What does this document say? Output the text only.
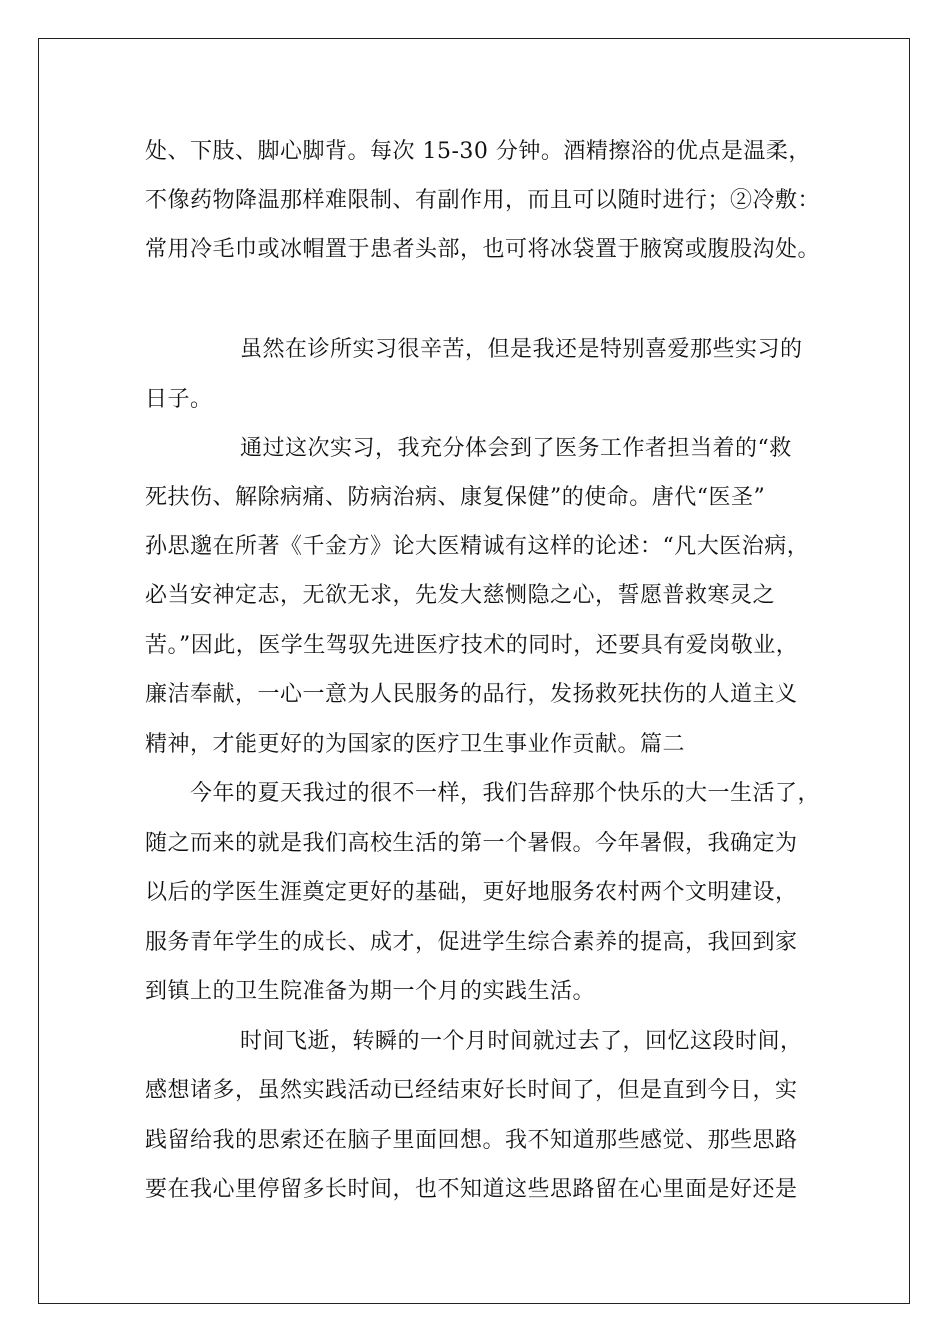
处、下肢、脚心脚背。每次 15-30 分钟。酒精擦浴的优点是温柔，
不像药物降温那样难限制、有副作用，而且可以随时进行；②冷敷：
常用冷毛巾或冰帽置于患者头部，也可将冰袋置于腋窝或腹股沟处。
虽然在诊所实习很辛苦，但是我还是特别喜爱那些实习的
日子。
通过这次实习，我充分体会到了医务工作者担当着的“救
死扶伤、解除病痛、防病治病、康复保健”的使命。唐代“医圣”
孙思邈在所著《千金方》论大医精诚有这样的论述：“凡大医治病，
必当安神定志，无欲无求，先发大慈恻隐之心，誓愿普救寒灵之
苦。”因此，医学生驾驭先进医疗技术的同时，还要具有爱岗敬业，
廉洁奉献，一心一意为人民服务的品行，发扬救死扶伤的人道主义
精神，才能更好的为国家的医疗卫生事业作贡献。篇二
今年的夏天我过的很不一样，我们告辞那个快乐的大一生活了，
随之而来的就是我们高校生活的第一个暑假。今年暑假，我确定为
以后的学医生涯奠定更好的基础，更好地服务农村两个文明建设，
服务青年学生的成长、成才，促进学生综合素养的提高，我回到家
到镇上的卫生院准备为期一个月的实践生活。
时间飞逝，转瞬的一个月时间就过去了，回忆这段时间，
感想诸多，虽然实践活动已经结束好长时间了，但是直到今日，实
践留给我的思索还在脑子里面回想。我不知道那些感觉、那些思路
要在我心里停留多长时间，也不知道这些思路留在心里面是好还是
